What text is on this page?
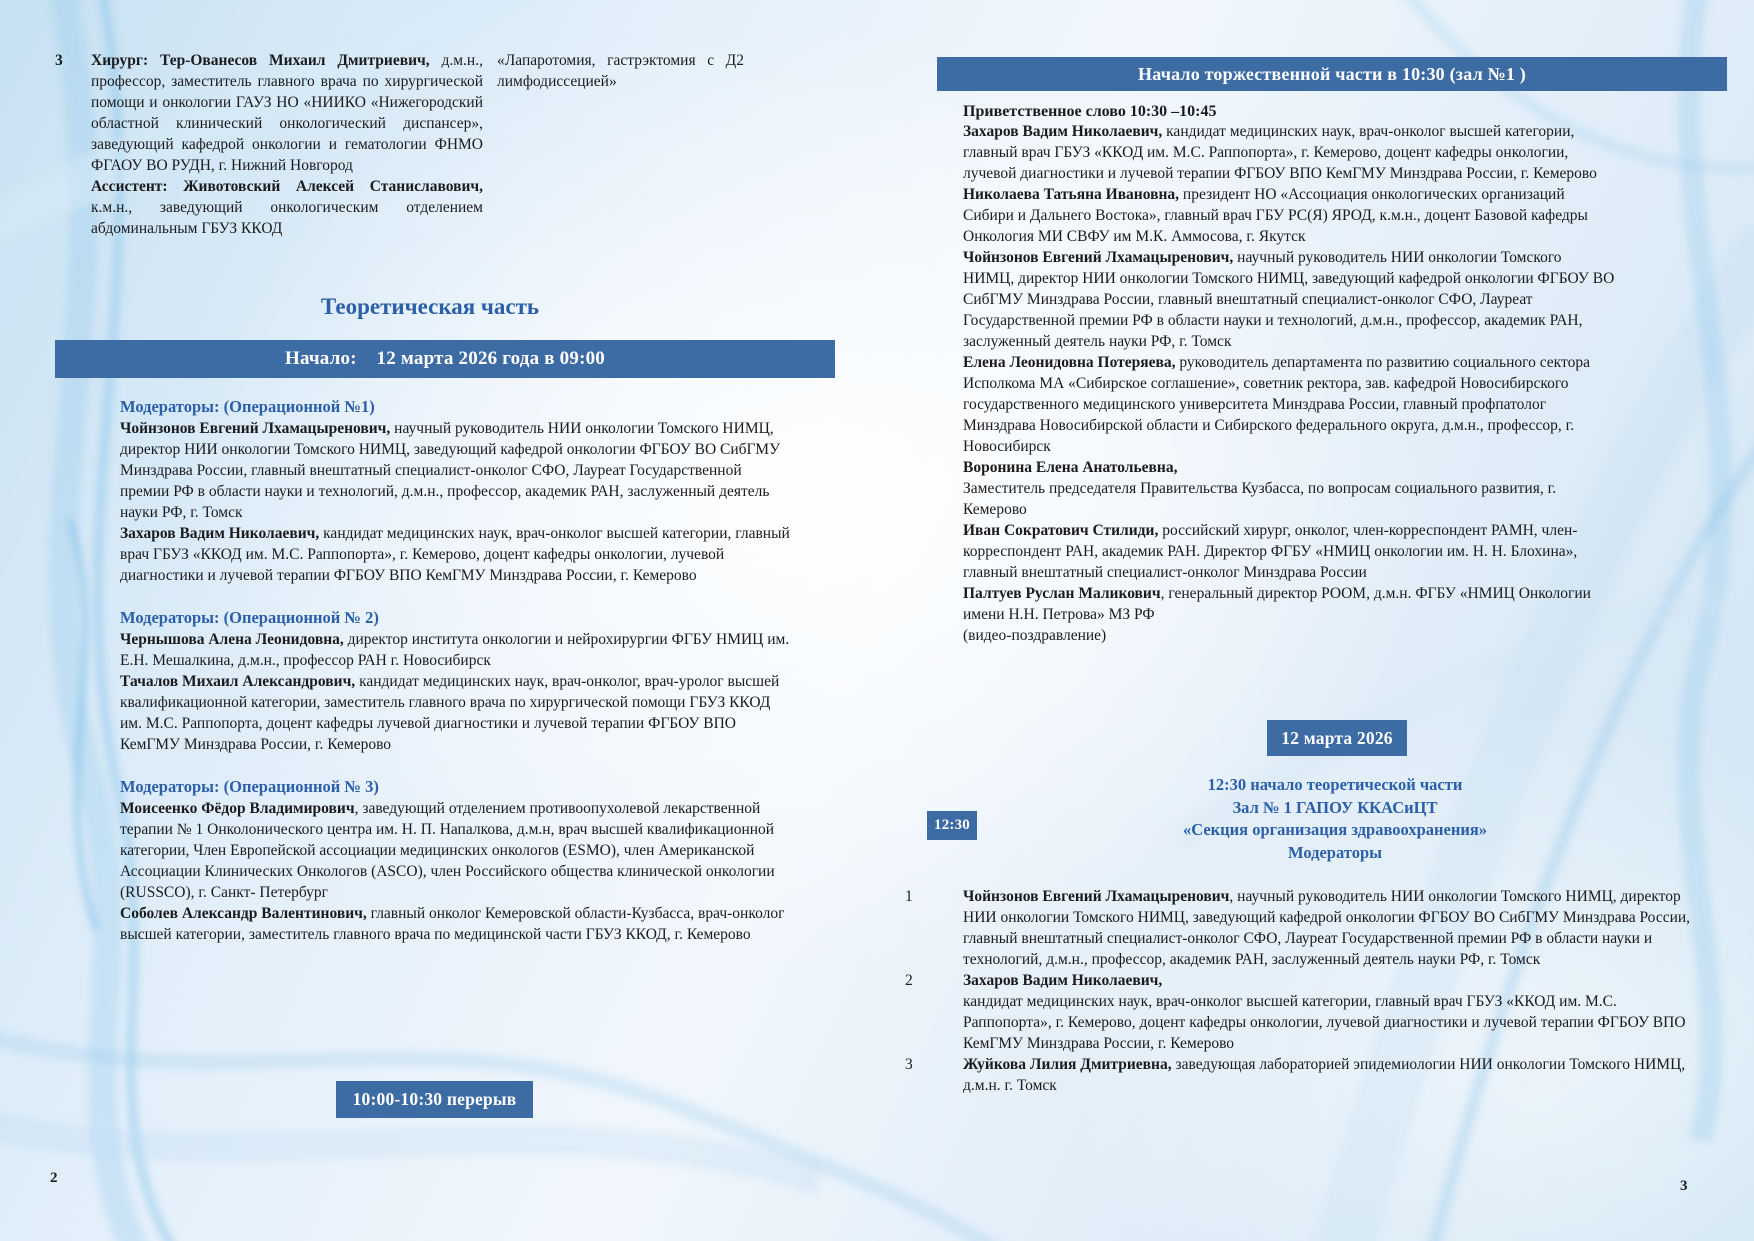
3	Хирург: Тер-Ованесов Михаил Дмитриевич, д.м.н., профессор, заместитель главного врача по хирургической помощи и онкологии ГАУЗ НО «НИИКО «Нижегородский областной клинический онкологический диспансер», заведующий кафедрой онкологии и гематологии ФНМО ФГАОУ ВО РУДН, г. Нижний Новгород
Ассистент: Животовский Алексей Станиславович, к.м.н., заведующий онкологическим отделением абдоминальным ГБУЗ ККОД

«Лапаротомия, гастрэктомия с Д2 лимфодиссецией»
Теоретическая часть
Начало:    12 марта 2026 года в 09:00

Модераторы: (Операционной №1)

Чойнзонов Евгений Лхамацыренович, научный руководитель НИИ онкологии Томского НИМЦ, директор НИИ онкологии Томского НИМЦ, заведующий кафедрой онкологии ФГБОУ ВО СибГМУ Минздрава России, главный внештатный специалист-онколог СФО, Лауреат Государственной премии РФ в области науки и технологий, д.м.н., профессор, академик РАН, заслуженный деятель науки РФ, г. Томск

Захаров Вадим Николаевич, кандидат медицинских наук, врач-онколог высшей категории, главный врач ГБУЗ «ККОД им. М.С. Раппопорта», г. Кемерово, доцент кафедры онкологии, лучевой диагностики и лучевой терапии ФГБОУ ВПО КемГМУ Минздрава России, г. Кемерово

Модераторы: (Операционной № 2)

Чернышова Алена Леонидовна, директор института онкологии и нейрохирургии ФГБУ НМИЦ им. Е.Н. Мешалкина, д.м.н., профессор РАН г. Новосибирск

Тачалов Михаил Александрович, кандидат медицинских наук, врач-онколог, врач-уролог высшей квалификационной категории, заместитель главного врача по хирургической помощи ГБУЗ ККОД им. М.С. Раппопорта, доцент кафедры лучевой диагностики и лучевой терапии ФГБОУ ВПО КемГМУ Минздрава России, г. Кемерово

Модераторы: (Операционной № 3)

Моисеенко Фёдор Владимирович, заведующий отделением противоопухолевой лекарственной терапии № 1 Онколонического центра им. Н. П. Напалкова, д.м.н, врач высшей квалификационной категории, Член Европейской ассоциации медицинских онкологов (ESMO), член Американской Ассоциации Клинических Онкологов (ASCO), член Российского общества клинической онкологии (RUSSCO), г. Санкт- Петербург

Соболев Александр Валентинович, главный онколог Кемеровской области-Кузбасса, врач-онколог высшей категории, заместитель главного врача по медицинской части ГБУЗ ККОД, г. Кемерово

10:00-10:30 перерыв
2
Начало торжественной части в 10:30 (зал №1 )

Приветственное слово 10:30 –10:45

Захаров Вадим Николаевич, кандидат медицинских наук, врач-онколог высшей категории, главный врач ГБУЗ «ККОД им. М.С. Раппопорта», г. Кемерово, доцент кафедры онкологии, лучевой диагностики и лучевой терапии ФГБОУ ВПО КемГМУ Минздрава России, г. Кемерово

Николаева Татьяна Ивановна, президент НО «Ассоциация онкологических организаций Сибири и Дальнего Востока», главный врач ГБУ РС(Я) ЯРОД, к.м.н., доцент Базовой кафедры Онкология МИ СВФУ им М.К. Аммосова, г. Якутск

Чойнзонов Евгений Лхамацыренович, научный руководитель НИИ онкологии Томского НИМЦ, директор НИИ онкологии Томского НИМЦ, заведующий кафедрой онкологии ФГБОУ ВО СибГМУ Минздрава России, главный внештатный специалист-онколог СФО, Лауреат Государственной премии РФ в области науки и технологий, д.м.н., профессор, академик РАН, заслуженный деятель науки РФ, г. Томск

Елена Леонидовна Потеряева, руководитель департамента по развитию социального сектора Исполкома МА «Сибирское соглашение», советник ректора, зав. кафедрой Новосибирского государственного медицинского университета Минздрава России, главный профпатолог Минздрава Новосибирской области и Сибирского федерального округа, д.м.н., профессор, г. Новосибирск

Воронина Елена Анатольевна,
Заместитель председателя Правительства Кузбасса, по вопросам социального развития, г. Кемерово

Иван Сократович Стилиди, российский хирург, онколог, член-корреспондент РАМН, член-корреспондент РАН, академик РАН. Директор ФГБУ «НМИЦ онкологии им. Н. Н. Блохина», главный внештатный специалист-онколог Минздрава России

Палтуев Руслан Маликович, генеральный директор РООМ, д.м.н. ФГБУ «НМИЦ Онкологии имени Н.Н. Петрова» МЗ РФ

(видео-поздравление)

12 марта 2026
12:30 начало теоретической части
Зал № 1 ГАПОУ ККАСиЦТ
«Секция организация здравоохранения»
Модераторы
12:30
1	Чойнзонов Евгений Лхамацыренович, научный руководитель НИИ онкологии Томского НИМЦ, директор НИИ онкологии Томского НИМЦ, заведующий кафедрой онкологии ФГБОУ ВО СибГМУ Минздрава России, главный внештатный специалист-онколог СФО, Лауреат Государственной премии РФ в области науки и технологий, д.м.н., профессор, академик РАН, заслуженный деятель науки РФ, г. Томск

2	Захаров Вадим Николаевич,
кандидат медицинских наук, врач-онколог высшей категории, главный врач ГБУЗ «ККОД им. М.С. Раппопорта», г. Кемерово, доцент кафедры онкологии, лучевой диагностики и лучевой терапии ФГБОУ ВПО КемГМУ Минздрава России, г. Кемерово

3	Жуйкова Лилия Дмитриевна, заведующая лабораторией эпидемиологии НИИ онкологии Томского НИМЦ, д.м.н. г. Томск

3
